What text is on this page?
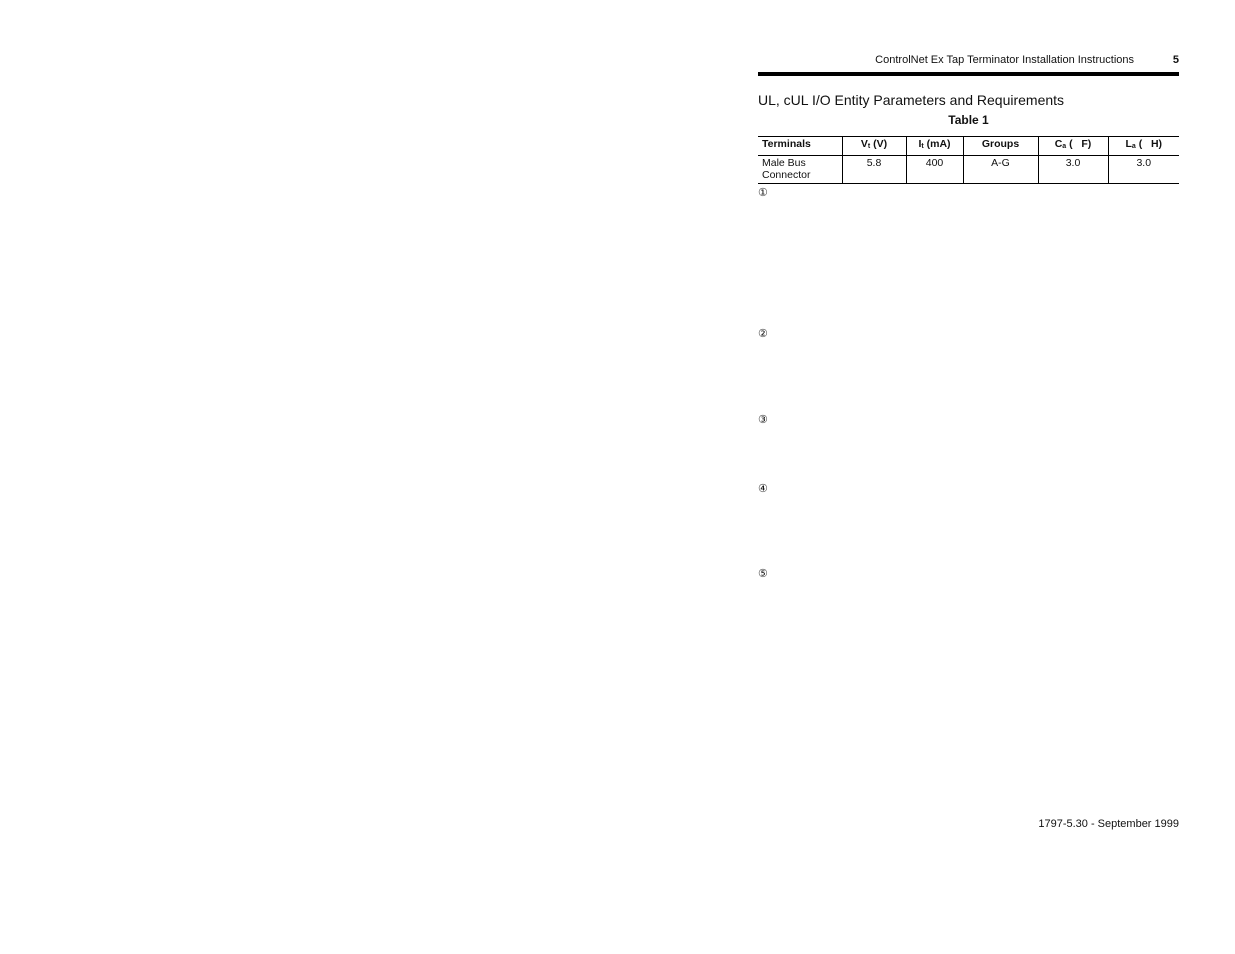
ControlNet Ex Tap Terminator Installation Instructions	5
UL, cUL I/O Entity Parameters and Requirements
Table 1
Terminals	Vt (V)	It (mA)	Groups	Ca (   F)	La (   H)
Male Bus
Connector	5.8	400	A-G	3.0	3.0
①
②
③
④
⑤
1797-5.30 - September 1999
